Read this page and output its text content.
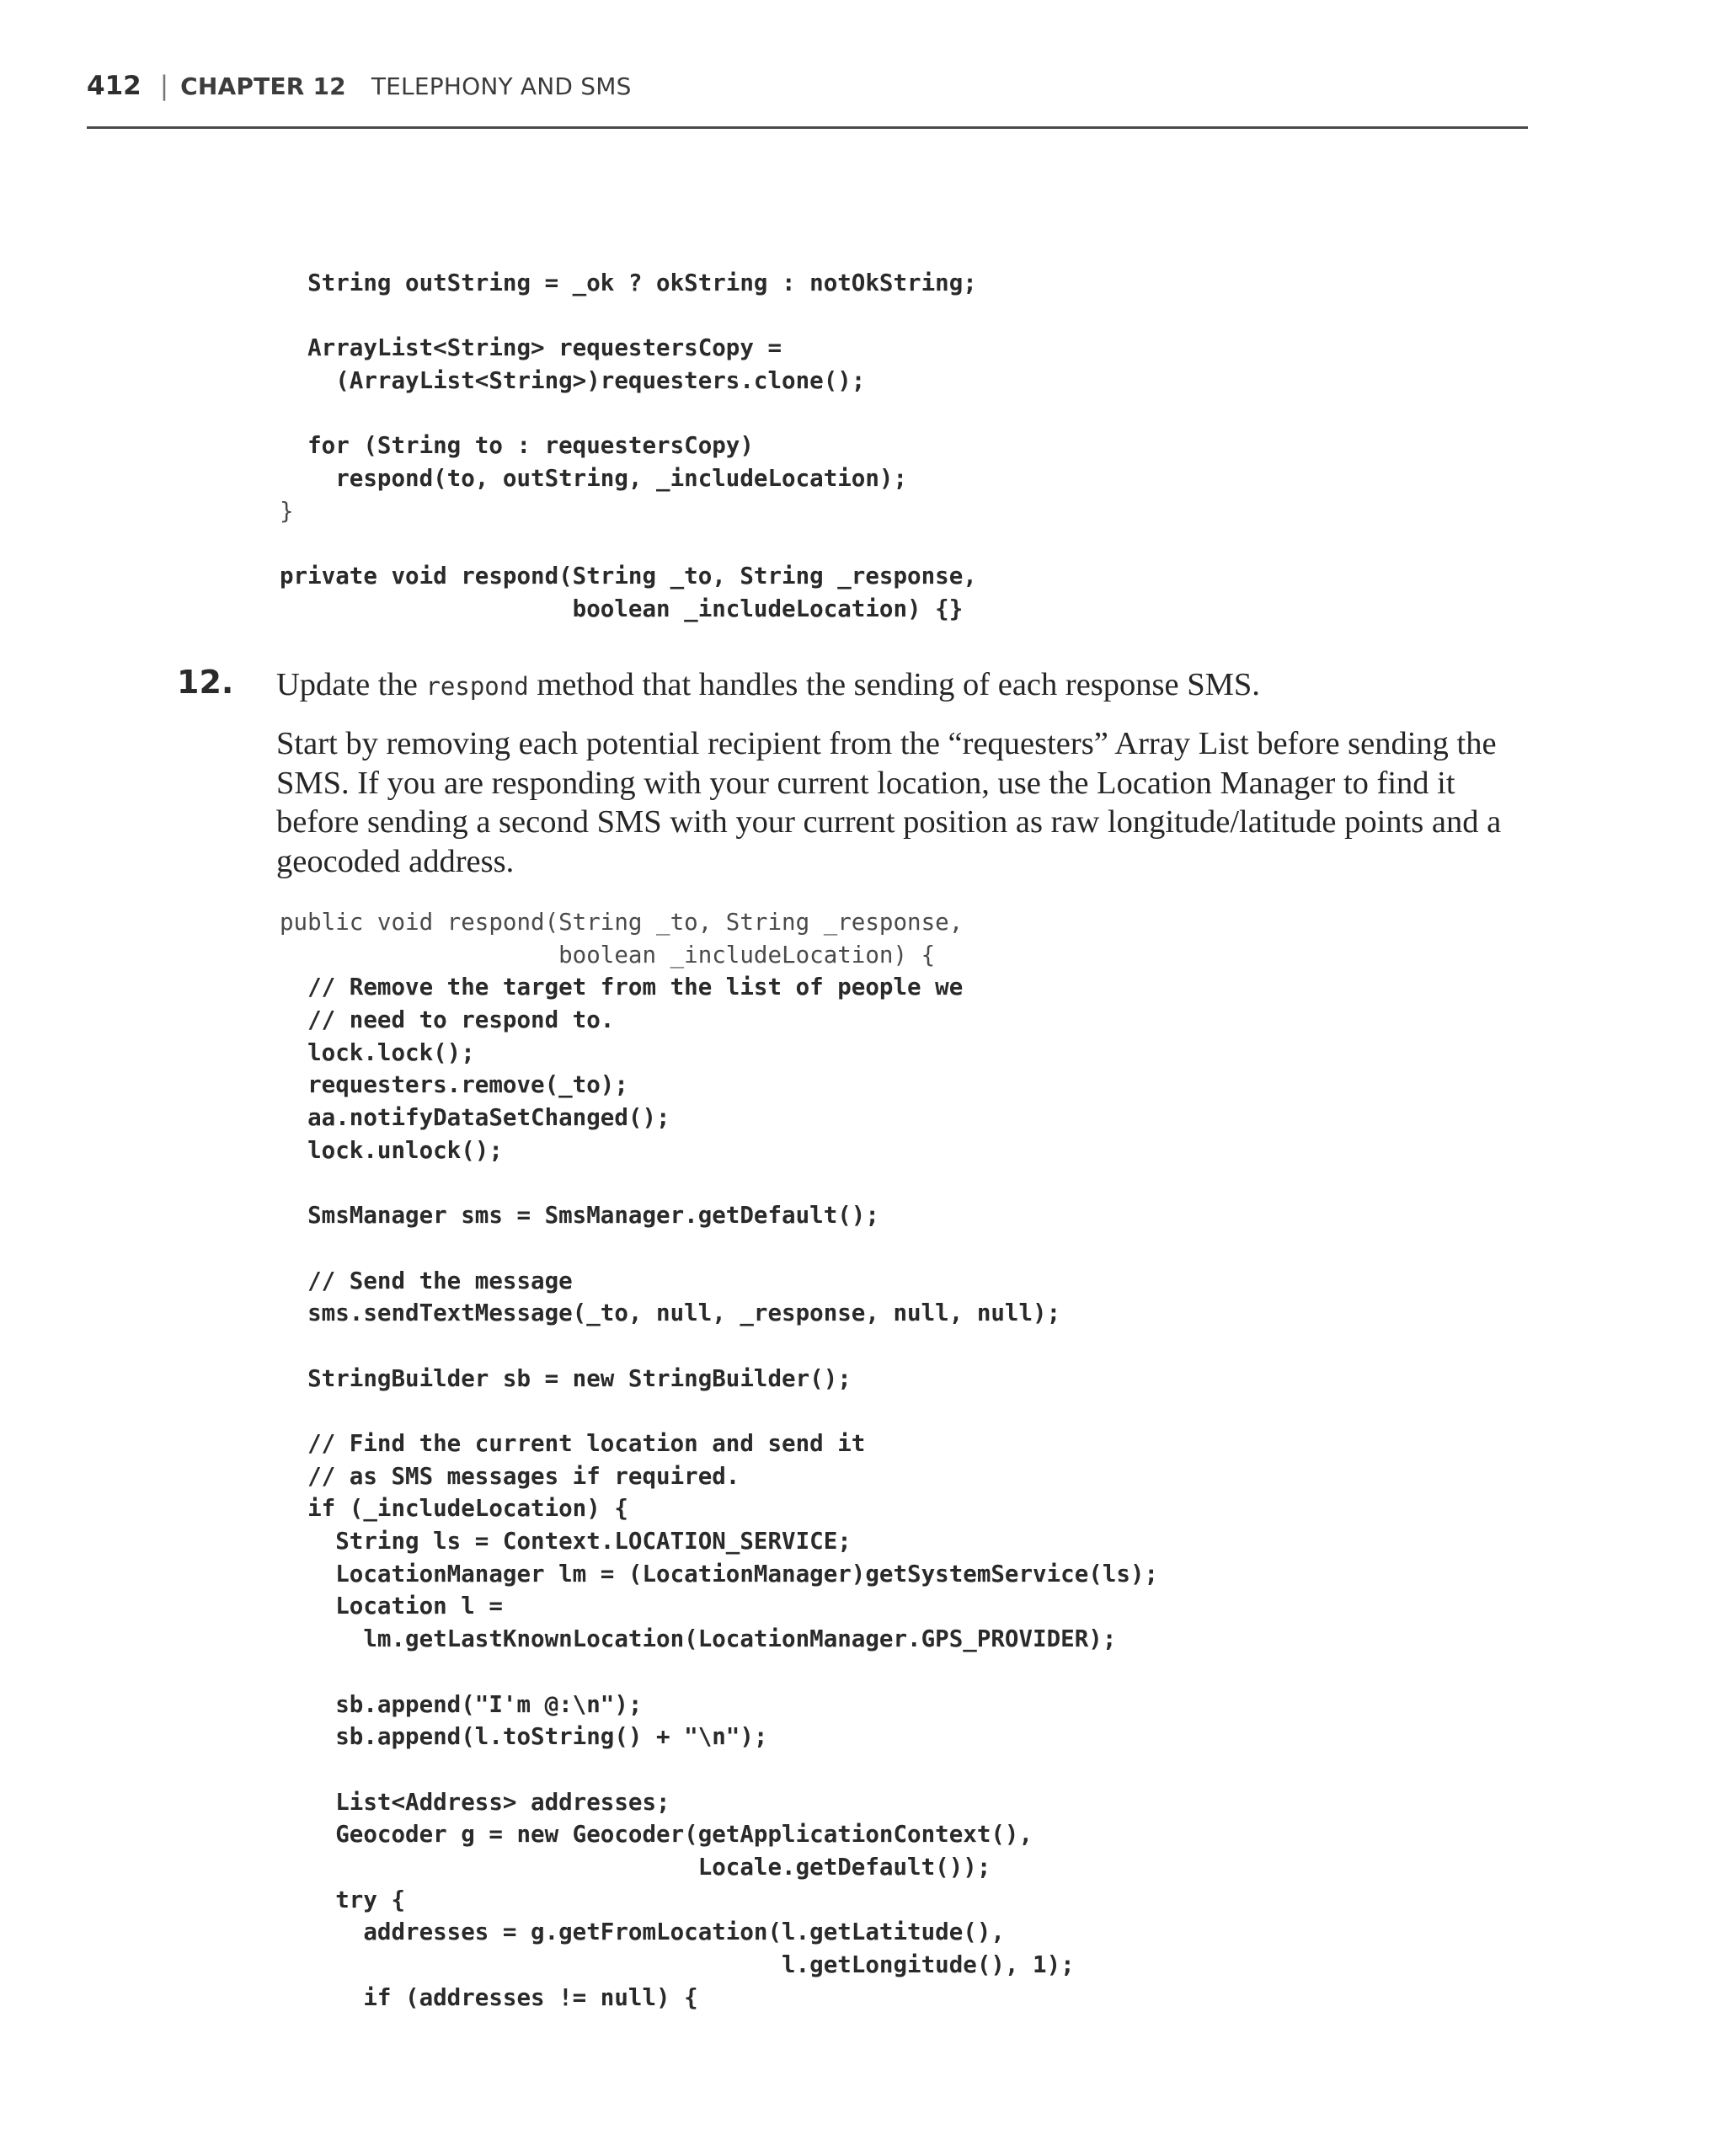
412 | CHAPTER 12 TELEPHONY AND SMS
String outString = _ok ? okString : notOkString;
ArrayList<String> requestersCopy =
(ArrayList<String>)requesters.clone();
for (String to : requestersCopy)
respond(to, outString, _includeLocation);
}
private void respond(String _to, String _response,
boolean _includeLocation) {}
12. Update the respond method that handles the sending of each response SMS.

Start by removing each potential recipient from the “requesters” Array List before sending the SMS. If you are responding with your current location, use the Location Manager to find it before sending a second SMS with your current position as raw longitude/latitude points and a geocoded address.

public void respond(String _to, String _response,
boolean _includeLocation) {
// Remove the target from the list of people we
// need to respond to.
lock.lock();
requesters.remove(_to);
aa.notifyDataSetChanged();
lock.unlock();
SmsManager sms = SmsManager.getDefault();
// Send the message
sms.sendTextMessage(_to, null, _response, null, null);
StringBuilder sb = new StringBuilder();
// Find the current location and send it
// as SMS messages if required.
if (_includeLocation) {
String ls = Context.LOCATION_SERVICE;
LocationManager lm = (LocationManager)getSystemService(ls);
Location l =
lm.getLastKnownLocation(LocationManager.GPS_PROVIDER);
sb.append("I'm @:\n");
sb.append(l.toString() + "\n");
List<Address> addresses;
Geocoder g = new Geocoder(getApplicationContext(),
Locale.getDefault());
try {
addresses = g.getFromLocation(l.getLatitude(),
l.getLongitude(), 1);
if (addresses != null) {
